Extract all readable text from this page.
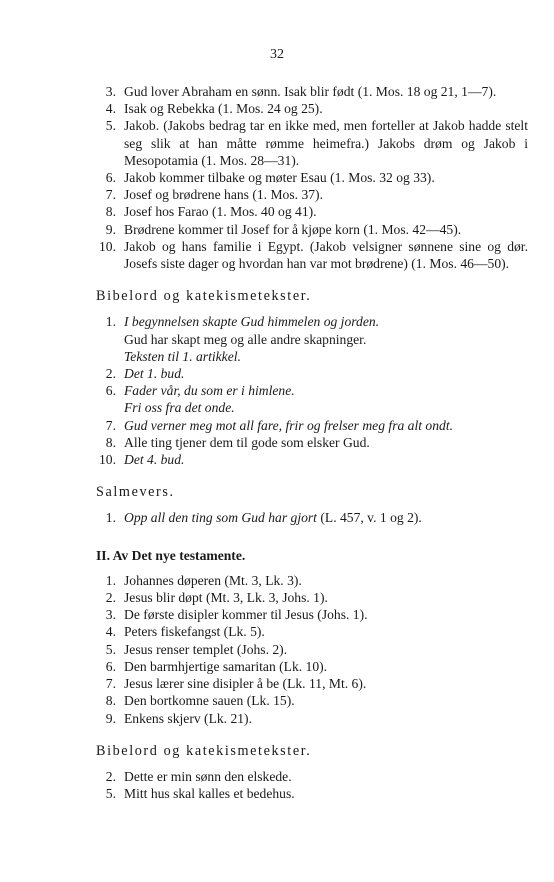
32

3. Gud lover Abraham en sønn. Isak blir født (1. Mos. 18 og 21, 1—7).

4. Isak og Rebekka (1. Mos. 24 og 25).

5. Jakob. (Jakobs bedrag tar en ikke med, men forteller at Jakob hadde stelt seg slik at han måtte rømme heimefra.) Jakobs drøm og Jakob i Mesopotamia (1. Mos. 28—31).

6. Jakob kommer tilbake og møter Esau (1. Mos. 32 og 33).

7. Josef og brødrene hans (1. Mos. 37).

8. Josef hos Farao (1. Mos. 40 og 41).

9. Brødrene kommer til Josef for å kjøpe korn (1. Mos. 42—45).

10. Jakob og hans familie i Egypt. (Jakob velsigner sønnene sine og dør. Josefs siste dager og hvordan han var mot brødrene) (1. Mos. 46—50).

Bibelord og katekismetekster.

1. I begynnelsen skapte Gud himmelen og jorden.
Gud har skapt meg og alle andre skapninger.
Teksten til 1. artikkel.

2. Det 1. bud.

6. Fader vår, du som er i himlene.
Fri oss fra det onde.

7. Gud verner meg mot all fare, frir og frelser meg fra alt ondt.

8. Alle ting tjener dem til gode som elsker Gud.

10. Det 4. bud.

Salmevers.

1. Opp all den ting som Gud har gjort (L. 457, v. 1 og 2).

II. Av Det nye testamente.

1. Johannes døperen (Mt. 3, Lk. 3).

2. Jesus blir døpt (Mt. 3, Lk. 3, Johs. 1).

3. De første disipler kommer til Jesus (Johs. 1).

4. Peters fiskefangst (Lk. 5).

5. Jesus renser templet (Johs. 2).

6. Den barmhjertige samaritan (Lk. 10).

7. Jesus lærer sine disipler å be (Lk. 11, Mt. 6).

8. Den bortkomne sauen (Lk. 15).

9. Enkens skjerv (Lk. 21).

Bibelord og katekismetekster.

2. Dette er min sønn den elskede.

5. Mitt hus skal kalles et bedehus.
